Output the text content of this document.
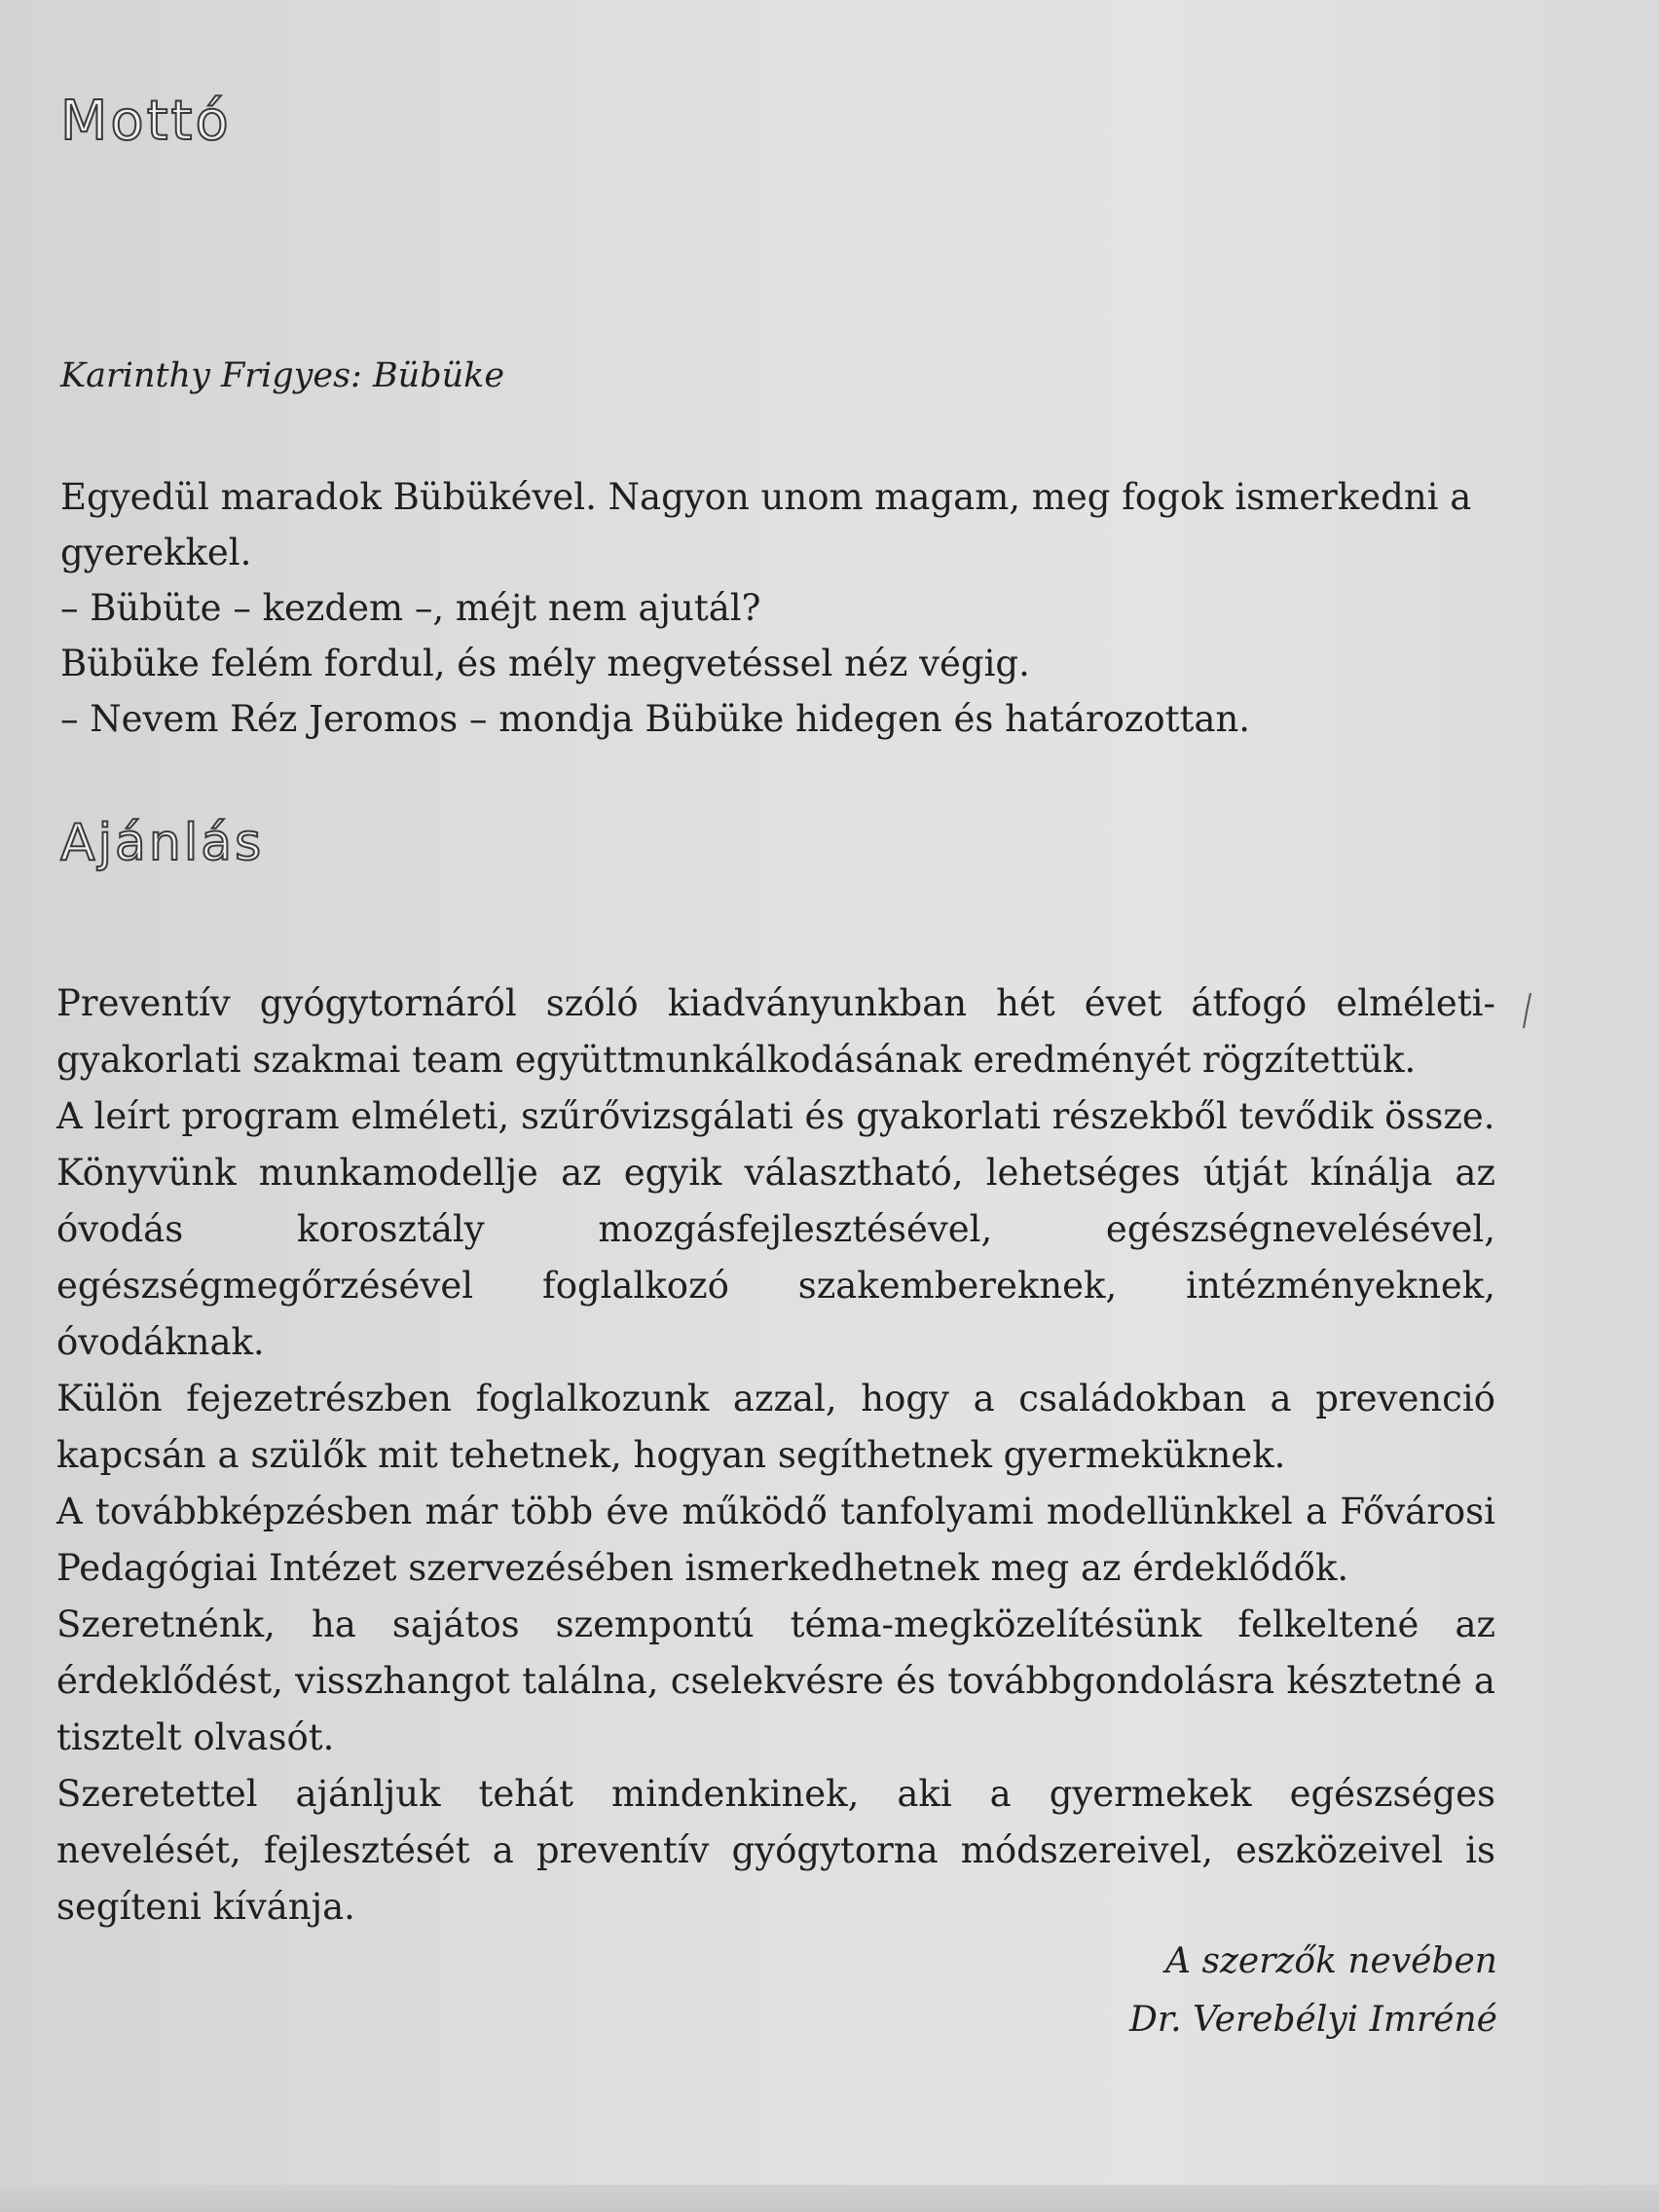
Mottó

Karinthy Frigyes: Bübüke

Egyedül maradok Bübükével. Nagyon unom magam, meg fogok ismerkedni a gyerekkel.

– Bübüte – kezdem –, méjt nem ajutál?

Bübüke felém fordul, és mély megvetéssel néz végig.

– Nevem Réz Jeromos – mondja Bübüke hidegen és határozottan.

Ajánlás

Preventív gyógytornáról szóló kiadványunkban hét évet átfogó elméleti-gyakorlati szakmai team együttmunkálkodásának eredményét rögzítettük.

A leírt program elméleti, szűrővizsgálati és gyakorlati részekből tevődik össze.

Könyvünk munkamodellje az egyik választható, lehetséges útját kínálja az óvodás korosztály mozgásfejlesztésével, egészségnevelésével, egészségmegőrzésével foglalkozó szakembereknek, intézményeknek, óvodáknak.

Külön fejezetrészben foglalkozunk azzal, hogy a családokban a prevenció kapcsán a szülők mit tehetnek, hogyan segíthetnek gyermeküknek.

A továbbképzésben már több éve működő tanfolyami modellünkkel a Fővárosi Pedagógiai Intézet szervezésében ismerkedhetnek meg az érdeklődők.

Szeretnénk, ha sajátos szempontú téma-megközelítésünk felkeltené az érdeklődést, visszhangot találna, cselekvésre és továbbgondolásra késztetné a tisztelt olvasót.

Szeretettel ajánljuk tehát mindenkinek, aki a gyermekek egészséges nevelését, fejlesztését a preventív gyógytorna módszereivel, eszközeivel is segíteni kívánja.

A szerzők nevében

Dr. Verebélyi Imréné
